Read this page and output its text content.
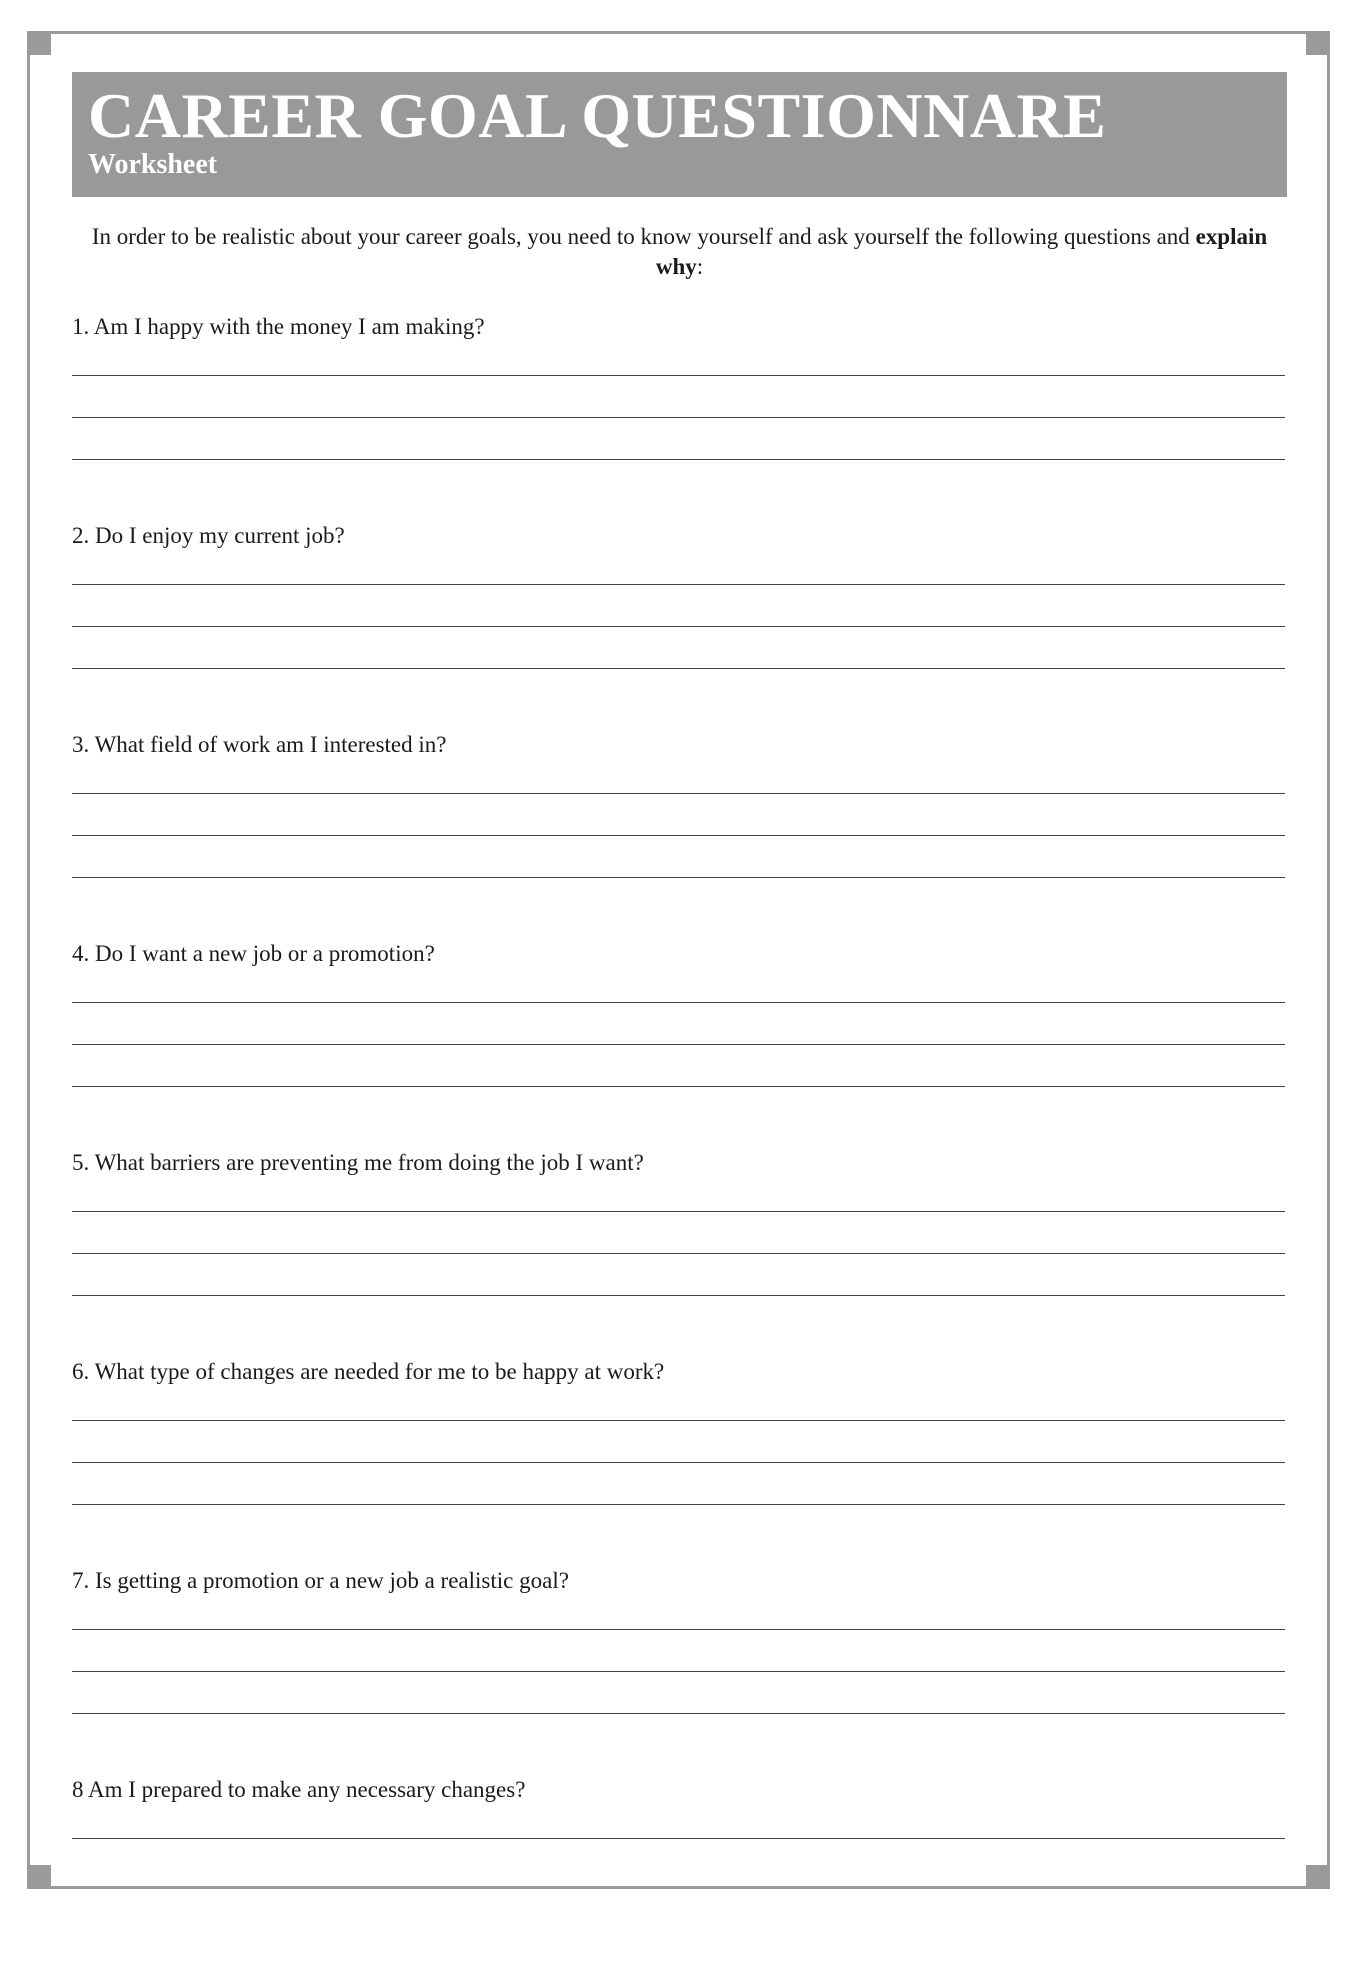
CAREER GOAL QUESTIONNARE
Worksheet
In order to be realistic about your career goals, you need to know yourself and ask yourself the following questions and explain why:
1. Am I happy with the money I am making?
2. Do I enjoy my current job?
3. What field of work am I interested in?
4. Do I want a new job or a promotion?
5. What barriers are preventing me from doing the job I want?
6. What type of changes are needed for me to be happy at work?
7. Is getting a promotion or a new job a realistic goal?
8 Am I prepared to make any necessary changes?
